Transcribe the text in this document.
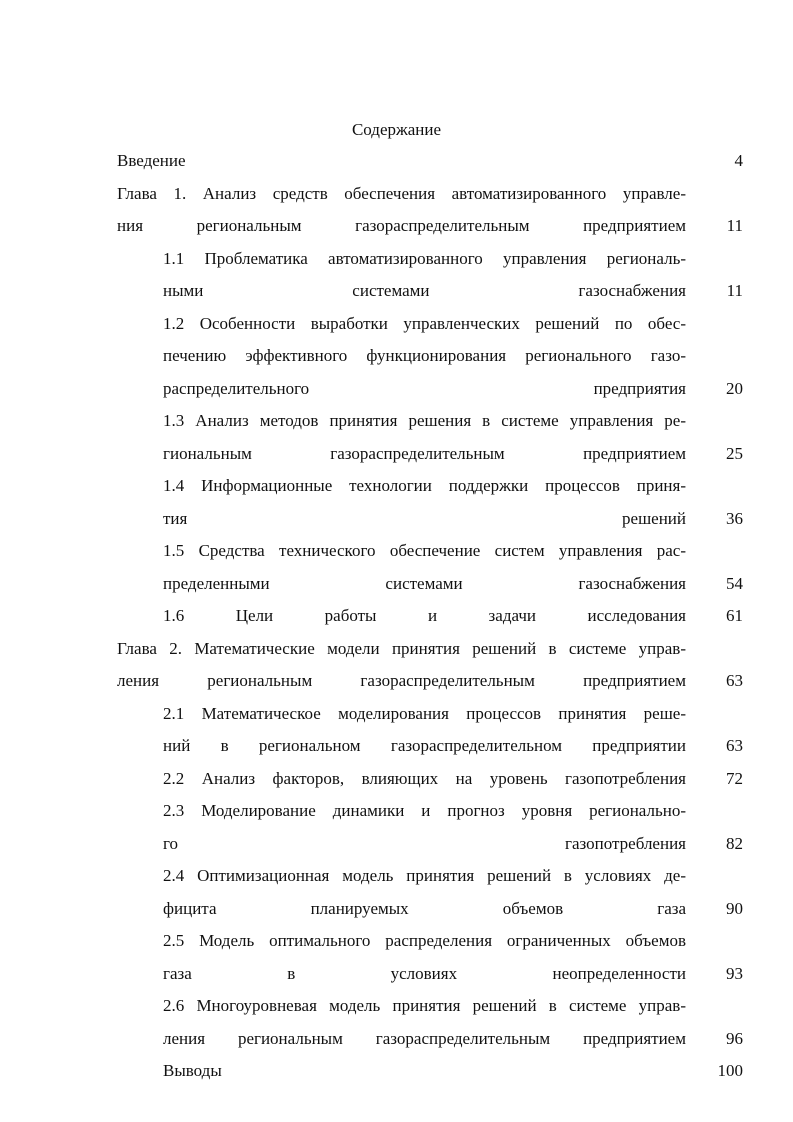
Содержание
Введение	4
Глава 1. Анализ средств обеспечения автоматизированного управле-
ния региональным газораспределительным предприятием 11
1.1 Проблематика автоматизированного управления региональ-
ными системами газоснабжения 11
1.2 Особенности выработки управленческих решений по обес-
печению эффективного функционирования регионального газо-
распределительного предприятия 20
1.3 Анализ методов принятия решения в системе управления ре-
гиональным газораспределительным предприятием 25
1.4 Информационные технологии поддержки процессов приня-
тия решений 36
1.5 Средства технического обеспечение систем управления рас-
пределенными системами газоснабжения 54
1.6 Цели работы и задачи исследования 61
Глава 2. Математические модели принятия решений в системе управ-
ления региональным газораспределительным предприятием 63
2.1 Математическое моделирования процессов принятия реше-
ний в региональном газораспределительном предприятии 63
2.2 Анализ факторов, влияющих на уровень газопотребления 72
2.3 Моделирование динамики и прогноз уровня регионально-
го газопотребления 82
2.4 Оптимизационная модель принятия решений в условиях де-
фицита планируемых объемов газа 90
2.5 Модель оптимального распределения ограниченных объемов
газа в условиях неопределенности 93
2.6 Многоуровневая модель принятия решений в системе управ-
ления региональным газораспределительным предприятием 96
Выводы	100
